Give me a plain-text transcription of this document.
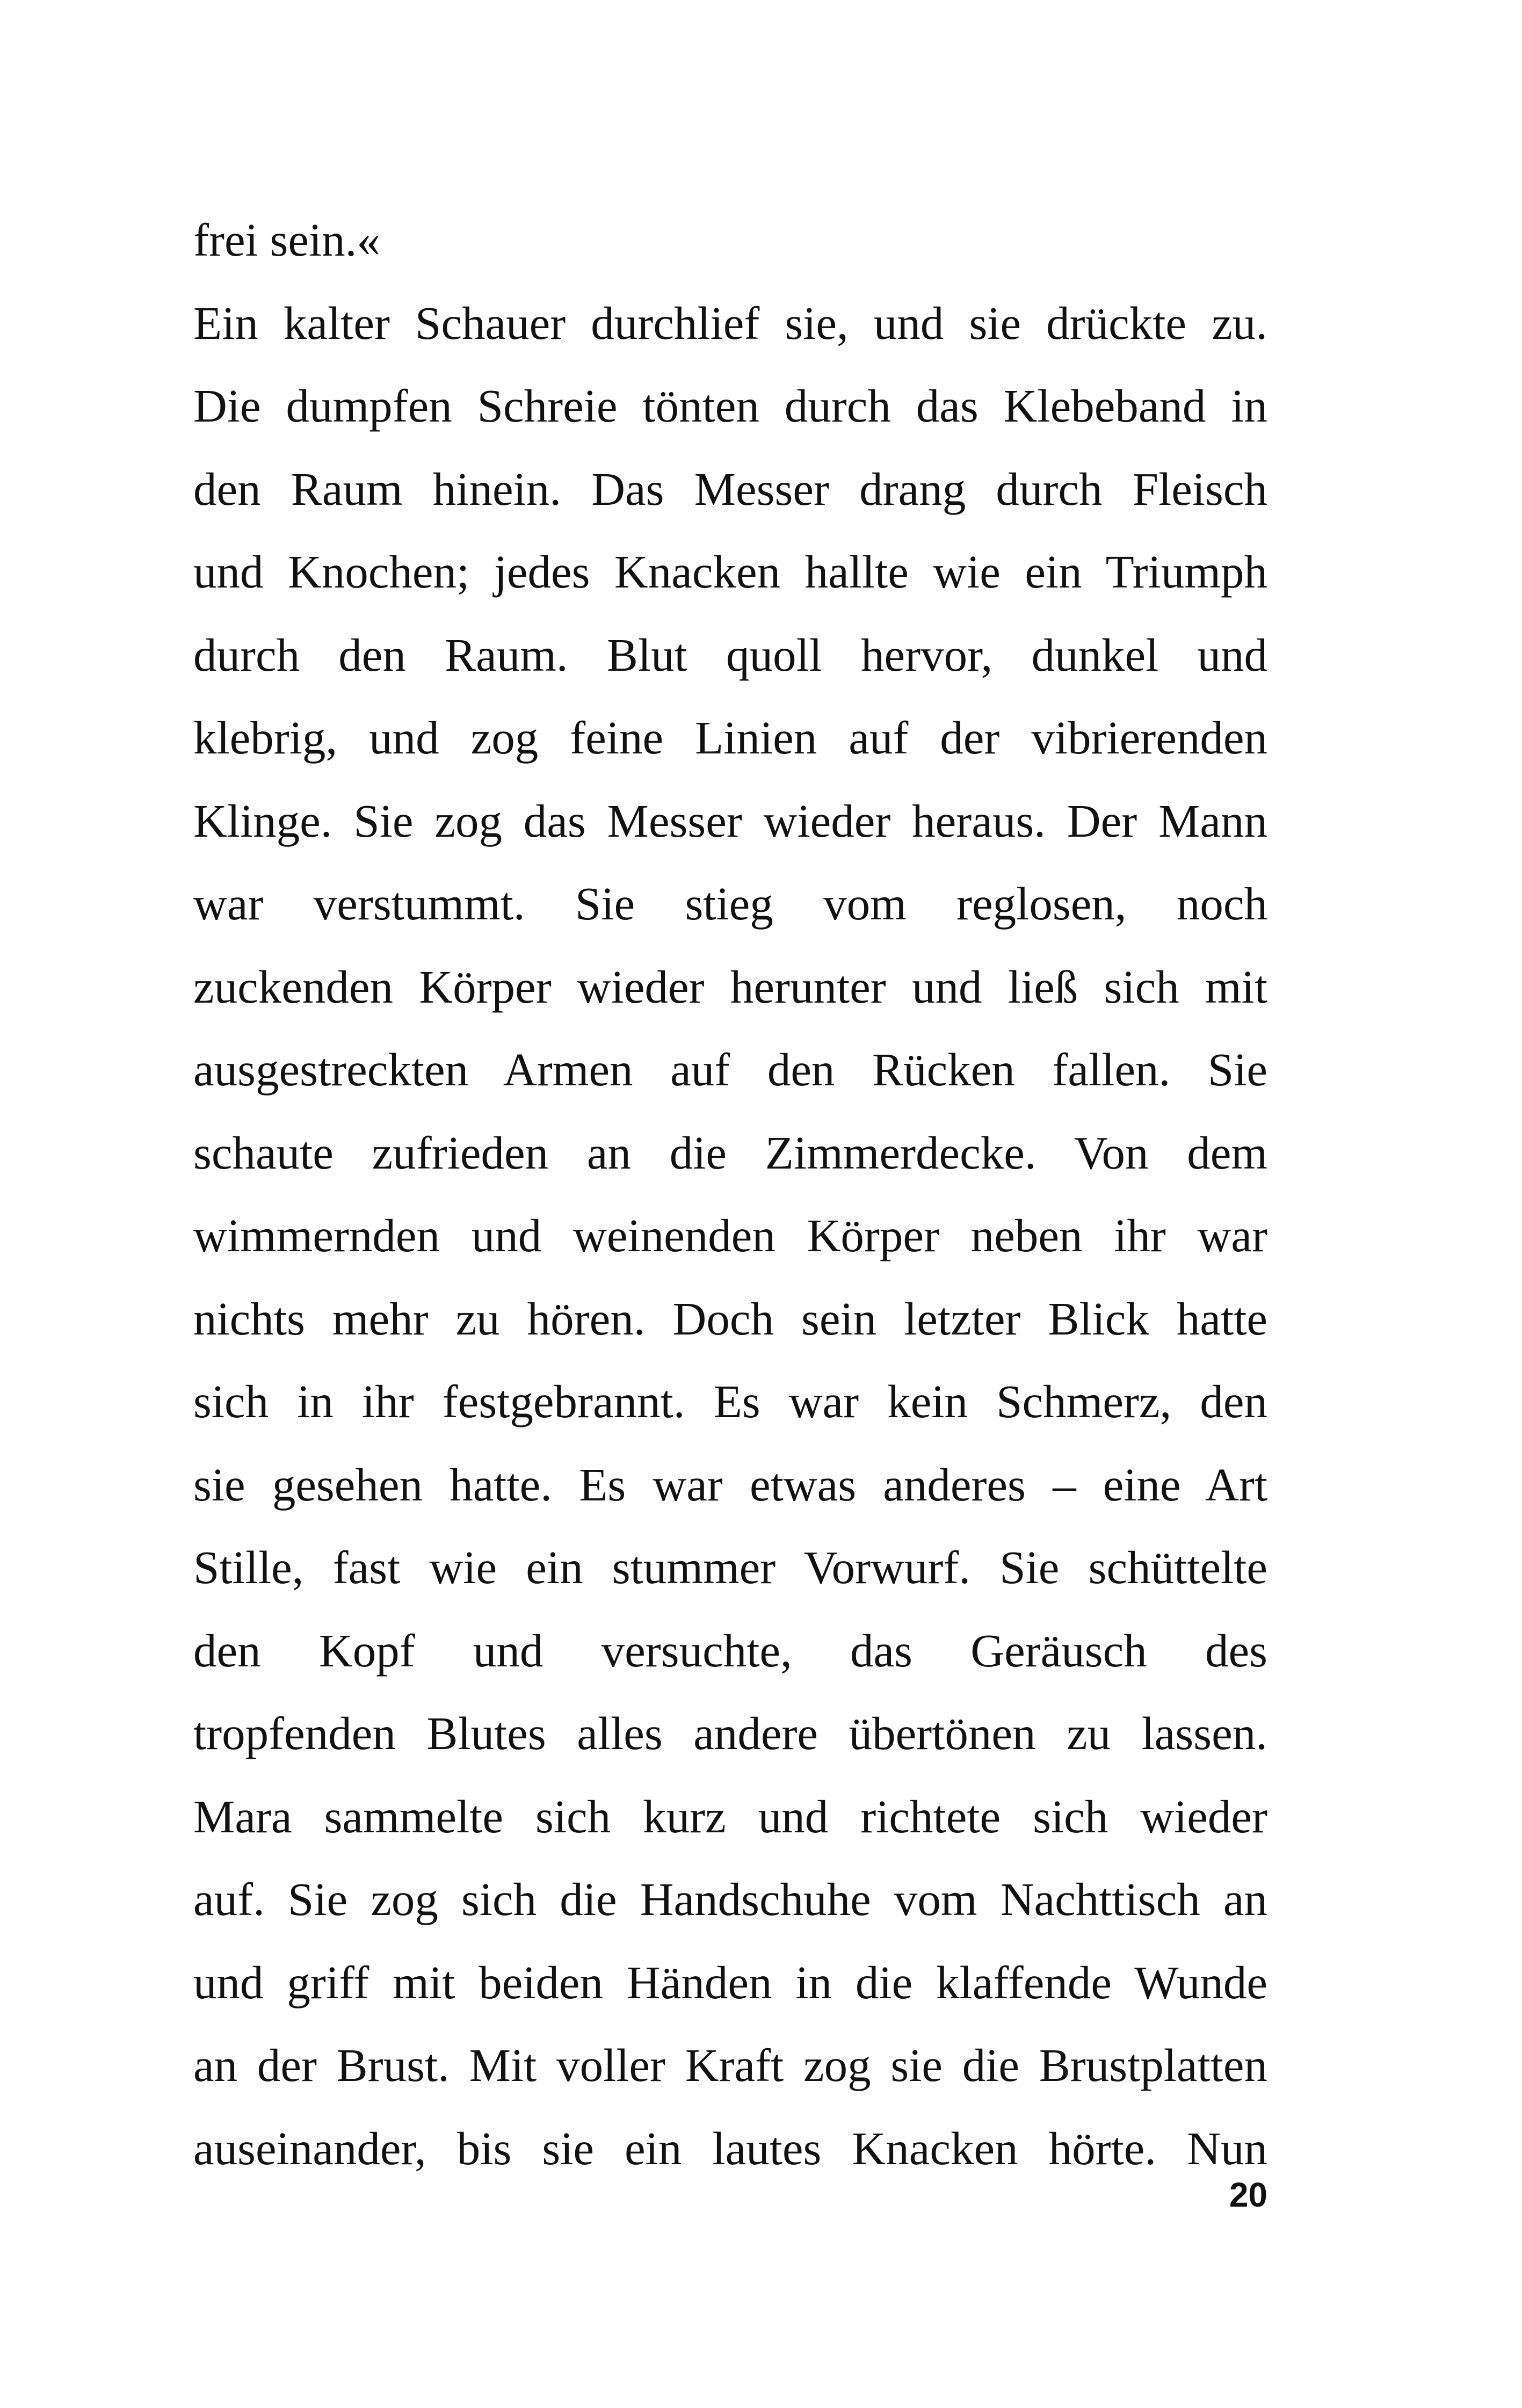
frei sein.«
Ein kalter Schauer durchlief sie, und sie drückte zu.
Die dumpfen Schreie tönten durch das Klebeband in
den Raum hinein. Das Messer drang durch Fleisch
und Knochen; jedes Knacken hallte wie ein Triumph
durch den Raum. Blut quoll hervor, dunkel und
klebrig, und zog feine Linien auf der vibrierenden
Klinge. Sie zog das Messer wieder heraus. Der Mann
war verstummt. Sie stieg vom reglosen, noch
zuckenden Körper wieder herunter und ließ sich mit
ausgestreckten Armen auf den Rücken fallen. Sie
schaute zufrieden an die Zimmerdecke. Von dem
wimmernden und weinenden Körper neben ihr war
nichts mehr zu hören. Doch sein letzter Blick hatte
sich in ihr festgebrannt. Es war kein Schmerz, den
sie gesehen hatte. Es war etwas anderes – eine Art
Stille, fast wie ein stummer Vorwurf. Sie schüttelte
den Kopf und versuchte, das Geräusch des
tropfenden Blutes alles andere übertönen zu lassen.
Mara sammelte sich kurz und richtete sich wieder
auf. Sie zog sich die Handschuhe vom Nachttisch an
und griff mit beiden Händen in die klaffende Wunde
an der Brust. Mit voller Kraft zog sie die Brustplatten
auseinander, bis sie ein lautes Knacken hörte. Nun
20
